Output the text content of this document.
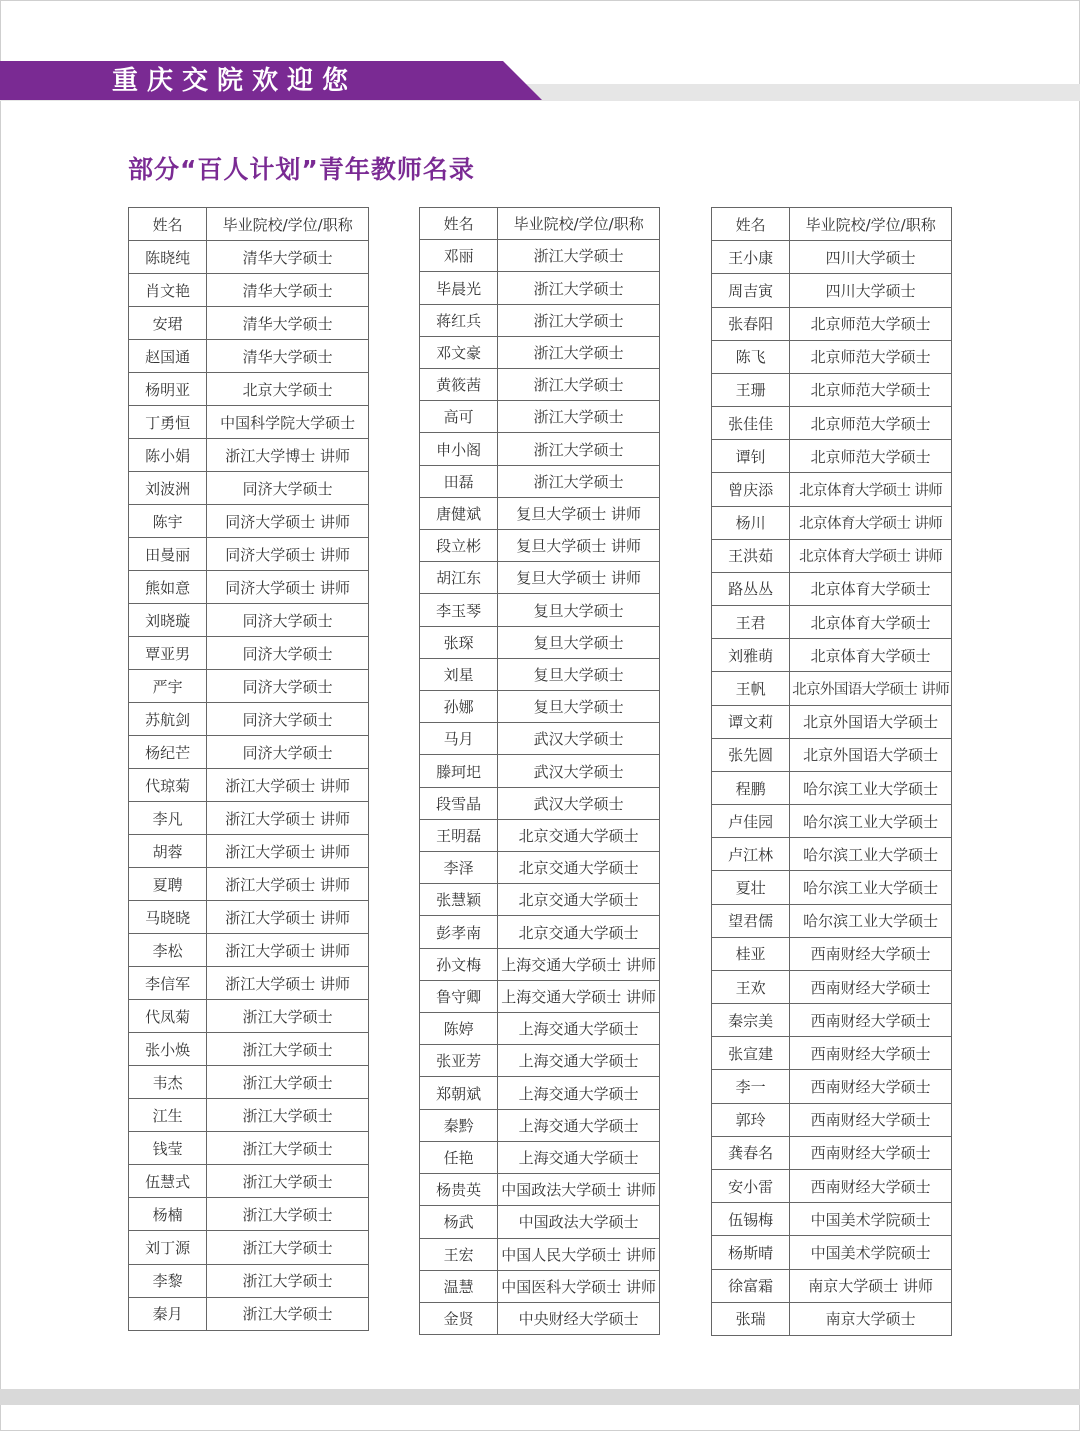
重庆交院欢迎您
部分“百人计划”青年教师名录
姓名	毕业院校/学位/职称
陈晓纯	清华大学硕士
肖文艳	清华大学硕士
安珺	清华大学硕士
赵国通	清华大学硕士
杨明亚	北京大学硕士
丁勇恒	中国科学院大学硕士
陈小娟	浙江大学博士 讲师
刘波洲	同济大学硕士
陈宇	同济大学硕士 讲师
田曼丽	同济大学硕士 讲师
熊如意	同济大学硕士 讲师
刘晓璇	同济大学硕士
覃亚男	同济大学硕士
严宇	同济大学硕士
苏航剑	同济大学硕士
杨纪芒	同济大学硕士
代琼菊	浙江大学硕士 讲师
李凡	浙江大学硕士 讲师
胡蓉	浙江大学硕士 讲师
夏聘	浙江大学硕士 讲师
马晓晓	浙江大学硕士 讲师
李松	浙江大学硕士 讲师
李信军	浙江大学硕士 讲师
代凤菊	浙江大学硕士
张小焕	浙江大学硕士
韦杰	浙江大学硕士
江生	浙江大学硕士
钱莹	浙江大学硕士
伍慧式	浙江大学硕士
杨楠	浙江大学硕士
刘丁源	浙江大学硕士
李黎	浙江大学硕士
秦月	浙江大学硕士
姓名	毕业院校/学位/职称
邓丽	浙江大学硕士
毕晨光	浙江大学硕士
蒋红兵	浙江大学硕士
邓文豪	浙江大学硕士
黄筱茜	浙江大学硕士
高可	浙江大学硕士
申小阁	浙江大学硕士
田磊	浙江大学硕士
唐健斌	复旦大学硕士 讲师
段立彬	复旦大学硕士 讲师
胡江东	复旦大学硕士 讲师
李玉琴	复旦大学硕士
张琛	复旦大学硕士
刘星	复旦大学硕士
孙娜	复旦大学硕士
马月	武汉大学硕士
滕珂圯	武汉大学硕士
段雪晶	武汉大学硕士
王明磊	北京交通大学硕士
李泽	北京交通大学硕士
张慧颖	北京交通大学硕士
彭孝南	北京交通大学硕士
孙文梅	上海交通大学硕士 讲师
鲁守卿	上海交通大学硕士 讲师
陈婷	上海交通大学硕士
张亚芳	上海交通大学硕士
郑朝斌	上海交通大学硕士
秦黔	上海交通大学硕士
任艳	上海交通大学硕士
杨贵英	中国政法大学硕士 讲师
杨武	中国政法大学硕士
王宏	中国人民大学硕士 讲师
温慧	中国医科大学硕士 讲师
金贤	中央财经大学硕士
姓名	毕业院校/学位/职称
王小康	四川大学硕士
周吉寅	四川大学硕士
张春阳	北京师范大学硕士
陈飞	北京师范大学硕士
王珊	北京师范大学硕士
张佳佳	北京师范大学硕士
谭钊	北京师范大学硕士
曾庆添	北京体育大学硕士 讲师
杨川	北京体育大学硕士 讲师
王洪茹	北京体育大学硕士 讲师
路丛丛	北京体育大学硕士
王君	北京体育大学硕士
刘雅萌	北京体育大学硕士
王帆	北京外国语大学硕士 讲师
谭文莉	北京外国语大学硕士
张先圆	北京外国语大学硕士
程鹏	哈尔滨工业大学硕士
卢佳园	哈尔滨工业大学硕士
卢江林	哈尔滨工业大学硕士
夏壮	哈尔滨工业大学硕士
望君儒	哈尔滨工业大学硕士
桂亚	西南财经大学硕士
王欢	西南财经大学硕士
秦宗美	西南财经大学硕士
张宣建	西南财经大学硕士
李一	西南财经大学硕士
郭玲	西南财经大学硕士
龚春名	西南财经大学硕士
安小雷	西南财经大学硕士
伍锡梅	中国美术学院硕士
杨斯晴	中国美术学院硕士
徐富霜	南京大学硕士 讲师
张瑞	南京大学硕士
